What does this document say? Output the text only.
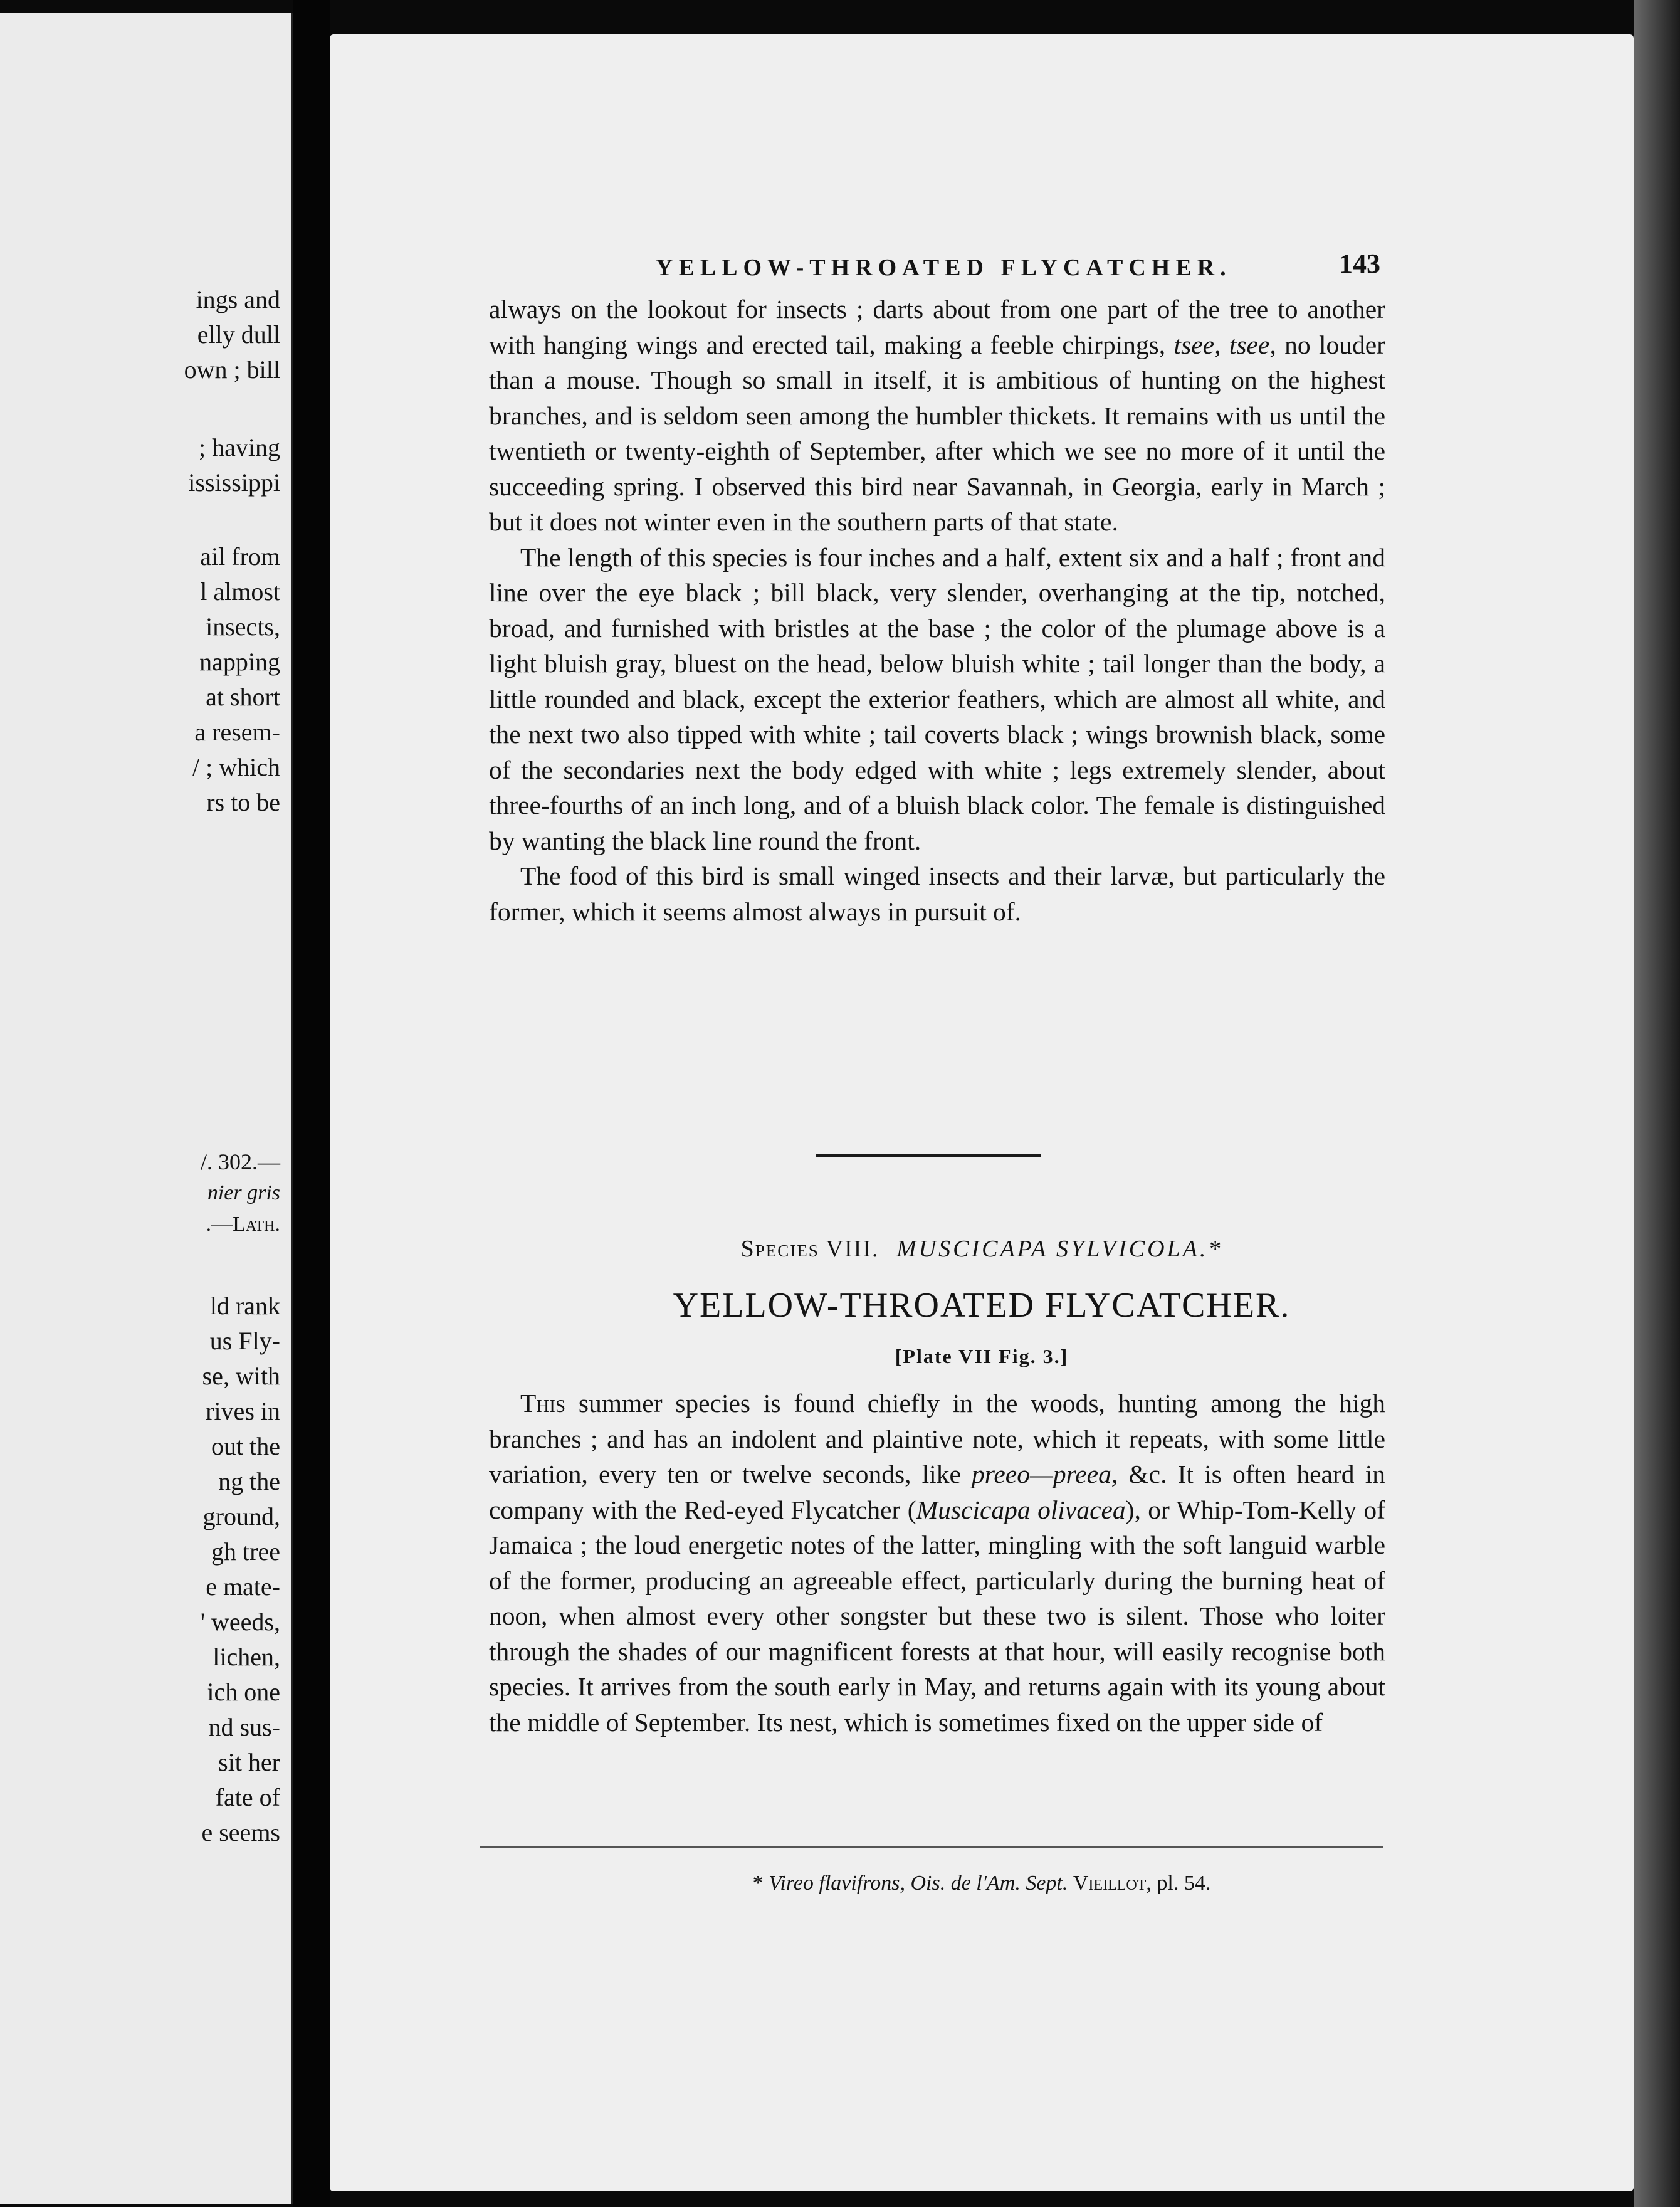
ings and
elly dull
own ; bill
; having
ississippi
ail from
l almost
insects,
napping
at short
a resem-
/ ; which
rs to be
/. 302.—
nier gris
.—Lath.
ld rank
us Fly-
se, with
rives in
out the
ng the
ground,
gh tree
e mate-
' weeds,
lichen,
ich one
nd sus-
sit her
fate of
e seems
YELLOW-THROATED FLYCATCHER.	143

always on the lookout for insects ; darts about from one part of the tree to another with hanging wings and erected tail, making a feeble chirpings, tsee, tsee, no louder than a mouse. Though so small in itself, it is ambitious of hunting on the highest branches, and is seldom seen among the humbler thickets. It remains with us until the twentieth or twenty-eighth of September, after which we see no more of it until the succeeding spring. I observed this bird near Savannah, in Georgia, early in March ; but it does not winter even in the southern parts of that state.

The length of this species is four inches and a half, extent six and a half ; front and line over the eye black ; bill black, very slender, overhanging at the tip, notched, broad, and furnished with bristles at the base ; the color of the plumage above is a light bluish gray, bluest on the head, below bluish white ; tail longer than the body, a little rounded and black, except the exterior feathers, which are almost all white, and the next two also tipped with white ; tail coverts black ; wings brownish black, some of the secondaries next the body edged with white ; legs extremely slender, about three-fourths of an inch long, and of a bluish black color. The female is distinguished by wanting the black line round the front.

The food of this bird is small winged insects and their larvæ, but particularly the former, which it seems almost always in pursuit of.

Species VIII. MUSCICAPA SYLVICOLA.*
YELLOW-THROATED FLYCATCHER.
[Plate VII Fig. 3.]

This summer species is found chiefly in the woods, hunting among the high branches ; and has an indolent and plaintive note, which it repeats, with some little variation, every ten or twelve seconds, like preeo—preea, &c. It is often heard in company with the Red-eyed Flycatcher (Muscicapa olivacea), or Whip-Tom-Kelly of Jamaica ; the loud energetic notes of the latter, mingling with the soft languid warble of the former, producing an agreeable effect, particularly during the burning heat of noon, when almost every other songster but these two is silent. Those who loiter through the shades of our magnificent forests at that hour, will easily recognise both species. It arrives from the south early in May, and returns again with its young about the middle of September. Its nest, which is sometimes fixed on the upper side of

* Vireo flavifrons, Ois. de l'Am. Sept. Vieillot, pl. 54.
